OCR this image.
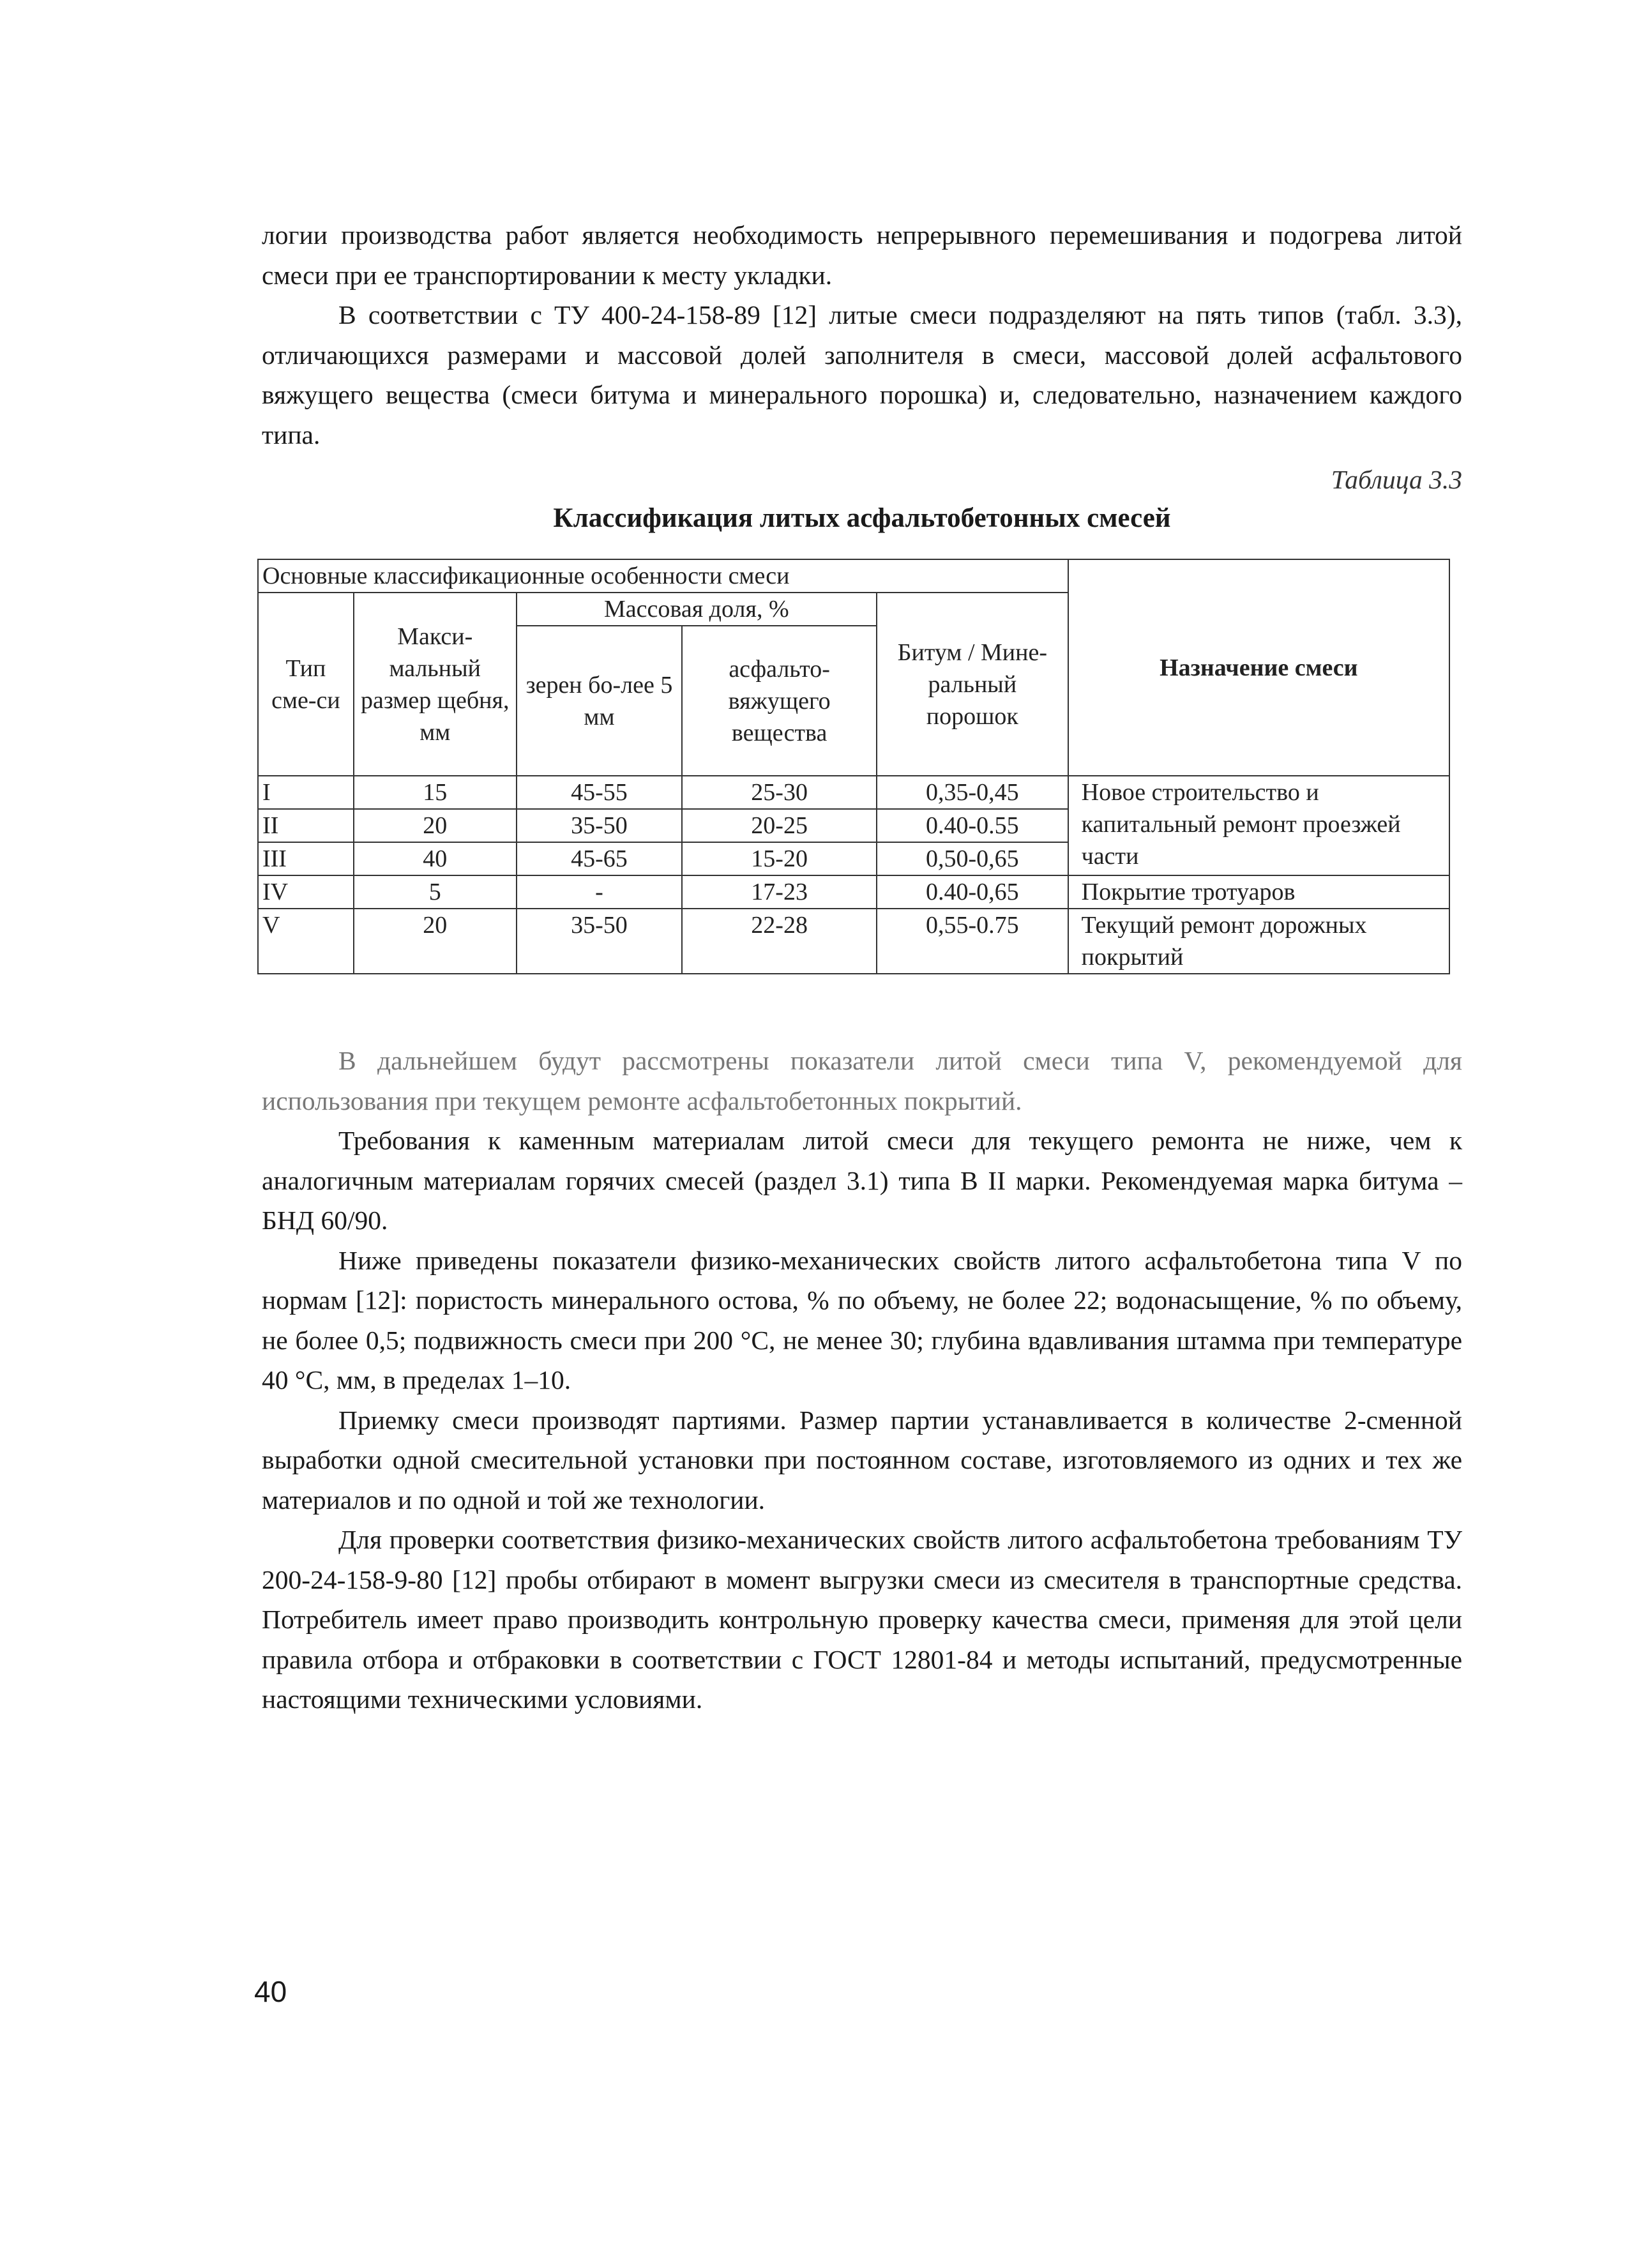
логии производства работ является необходимость непрерывного перемешивания и подогрева литой смеси при ее транспортировании к месту укладки.

В соответствии с ТУ 400-24-158-89 [12] литые смеси подразделяют на пять типов (табл. 3.3), отличающихся размерами и массовой долей заполнителя в смеси, массовой долей асфальтового вяжущего вещества (смеси битума и минерального порошка) и, следовательно, назначением каждого типа.

Таблица 3.3
Классификация литых асфальтобетонных смесей
Основные классификационные особенности смеси					Назначение смеси
Тип сме-си	Макси-мальный размер щебня, мм	Массовая доля, %		Битум / Мине-ральный порошок	
		зерен бо-лее 5 мм	асфальто-вяжущего вещества		
I	15	45-55	25-30	0,35-0,45	Новое строительство и капитальный ремонт проезжей части
II	20	35-50	20-25	0.40-0.55	
III	40	45-65	15-20	0,50-0,65	
IV	5	-	17-23	0.40-0,65	Покрытие тротуаров
V	20	35-50	22-28	0,55-0.75	Текущий ремонт дорожных покрытий

В дальнейшем будут рассмотрены показатели литой смеси типа V, рекомендуемой для использования при текущем ремонте асфальтобетонных покрытий.

Требования к каменным материалам литой смеси для текущего ремонта не ниже, чем к аналогичным материалам горячих смесей (раздел 3.1) типа В II марки. Рекомендуемая марка битума – БНД 60/90.

Ниже приведены показатели физико-механических свойств литого асфальтобетона типа V по нормам [12]: пористость минерального остова, % по объему, не более 22; водонасыщение, % по объему, не более 0,5; подвижность смеси при 200 °С, не менее 30; глубина вдавливания штамма при температуре 40 °С, мм, в пределах 1–10.

Приемку смеси производят партиями. Размер партии устанавливается в количестве 2-сменной выработки одной смесительной установки при постоянном составе, изготовляемого из одних и тех же материалов и по одной и той же технологии.

Для проверки соответствия физико-механических свойств литого асфальтобетона требованиям ТУ 200-24-158-9-80 [12] пробы отбирают в момент выгрузки смеси из смесителя в транспортные средства. Потребитель имеет право производить контрольную проверку качества смеси, применяя для этой цели правила отбора и отбраковки в соответствии с ГОСТ 12801-84 и методы испытаний, предусмотренные настоящими техническими условиями.

40
